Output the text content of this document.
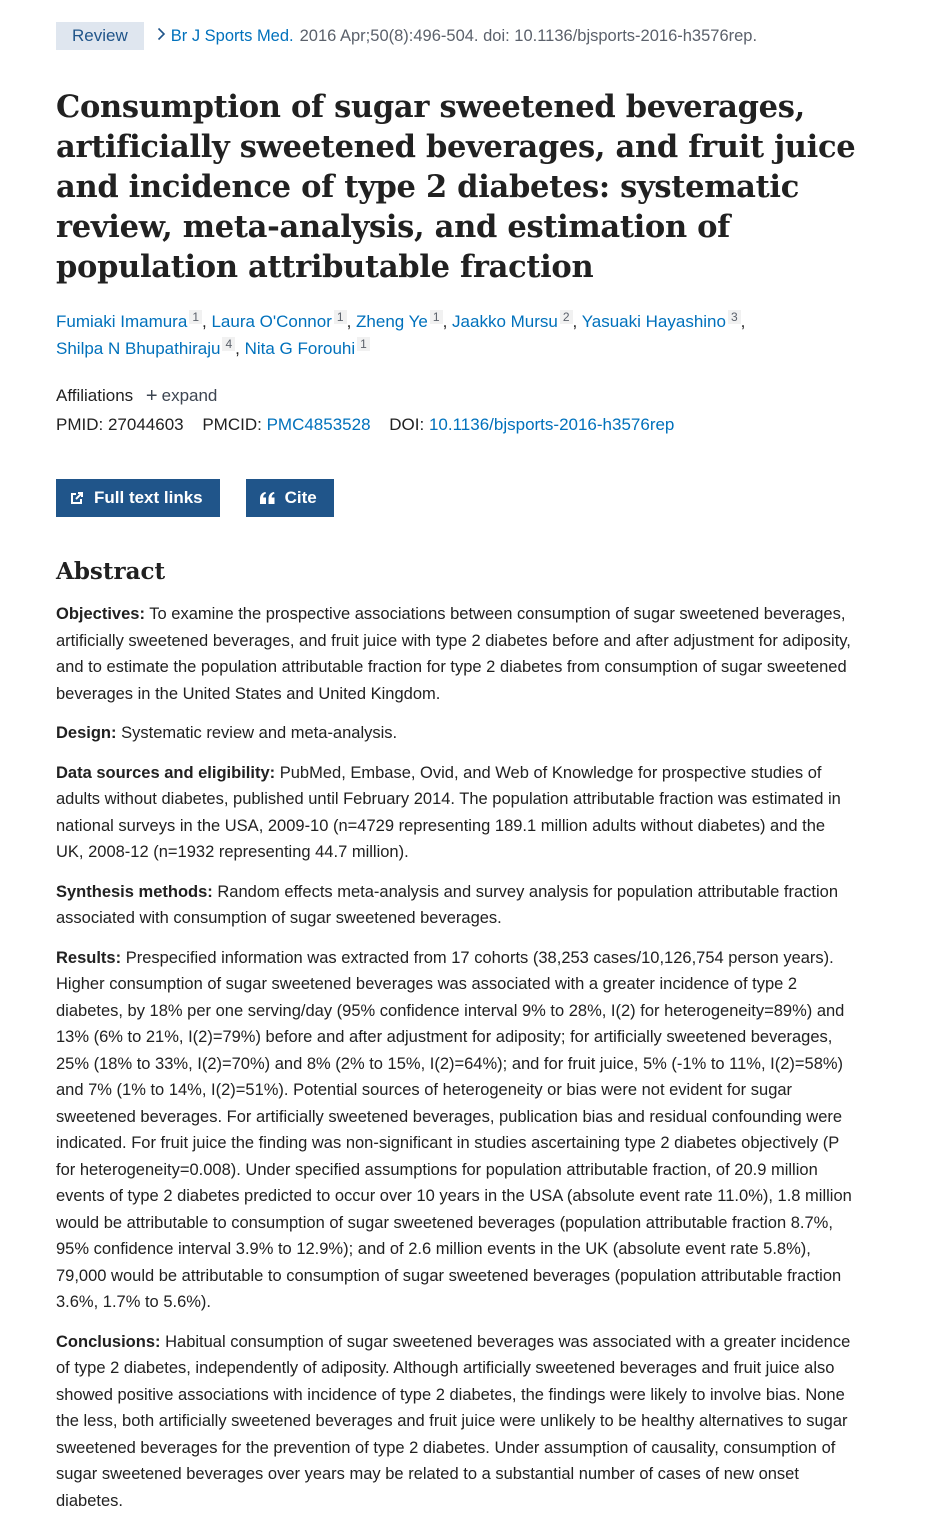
Review	Br J Sports Med. 2016 Apr;50(8):496-504. doi: 10.1136/bjsports-2016-h3576rep.
Consumption of sugar sweetened beverages, artificially sweetened beverages, and fruit juice and incidence of type 2 diabetes: systematic review, meta-analysis, and estimation of population attributable fraction
Fumiaki Imamura 1 , Laura O'Connor 1 , Zheng Ye 1 , Jaakko Mursu 2 , Yasuaki Hayashino 3 ,
Shilpa N Bhupathiraju 4 , Nita G Forouhi 1
Affiliations + expand
PMID: 27044603 PMCID: PMC4853528 DOI: 10.1136/bjsports-2016-h3576rep
Full text links	Cite
Abstract

Objectives: To examine the prospective associations between consumption of sugar sweetened beverages, artificially sweetened beverages, and fruit juice with type 2 diabetes before and after adjustment for adiposity, and to estimate the population attributable fraction for type 2 diabetes from consumption of sugar sweetened beverages in the United States and United Kingdom.

Design: Systematic review and meta-analysis.

Data sources and eligibility: PubMed, Embase, Ovid, and Web of Knowledge for prospective studies of adults without diabetes, published until February 2014. The population attributable fraction was estimated in national surveys in the USA, 2009-10 (n=4729 representing 189.1 million adults without diabetes) and the UK, 2008-12 (n=1932 representing 44.7 million).

Synthesis methods: Random effects meta-analysis and survey analysis for population attributable fraction associated with consumption of sugar sweetened beverages.

Results: Prespecified information was extracted from 17 cohorts (38,253 cases/10,126,754 person years). Higher consumption of sugar sweetened beverages was associated with a greater incidence of type 2 diabetes, by 18% per one serving/day (95% confidence interval 9% to 28%, I(2) for heterogeneity=89%) and 13% (6% to 21%, I(2)=79%) before and after adjustment for adiposity; for artificially sweetened beverages, 25% (18% to 33%, I(2)=70%) and 8% (2% to 15%, I(2)=64%); and for fruit juice, 5% (-1% to 11%, I(2)=58%) and 7% (1% to 14%, I(2)=51%). Potential sources of heterogeneity or bias were not evident for sugar sweetened beverages. For artificially sweetened beverages, publication bias and residual confounding were indicated. For fruit juice the finding was non-significant in studies ascertaining type 2 diabetes objectively (P for heterogeneity=0.008). Under specified assumptions for population attributable fraction, of 20.9 million events of type 2 diabetes predicted to occur over 10 years in the USA (absolute event rate 11.0%), 1.8 million would be attributable to consumption of sugar sweetened beverages (population attributable fraction 8.7%, 95% confidence interval 3.9% to 12.9%); and of 2.6 million events in the UK (absolute event rate 5.8%), 79,000 would be attributable to consumption of sugar sweetened beverages (population attributable fraction 3.6%, 1.7% to 5.6%).

Conclusions: Habitual consumption of sugar sweetened beverages was associated with a greater incidence of type 2 diabetes, independently of adiposity. Although artificially sweetened beverages and fruit juice also showed positive associations with incidence of type 2 diabetes, the findings were likely to involve bias. None the less, both artificially sweetened beverages and fruit juice were unlikely to be healthy alternatives to sugar sweetened beverages for the prevention of type 2 diabetes. Under assumption of causality, consumption of sugar sweetened beverages over years may be related to a substantial number of cases of new onset diabetes.
